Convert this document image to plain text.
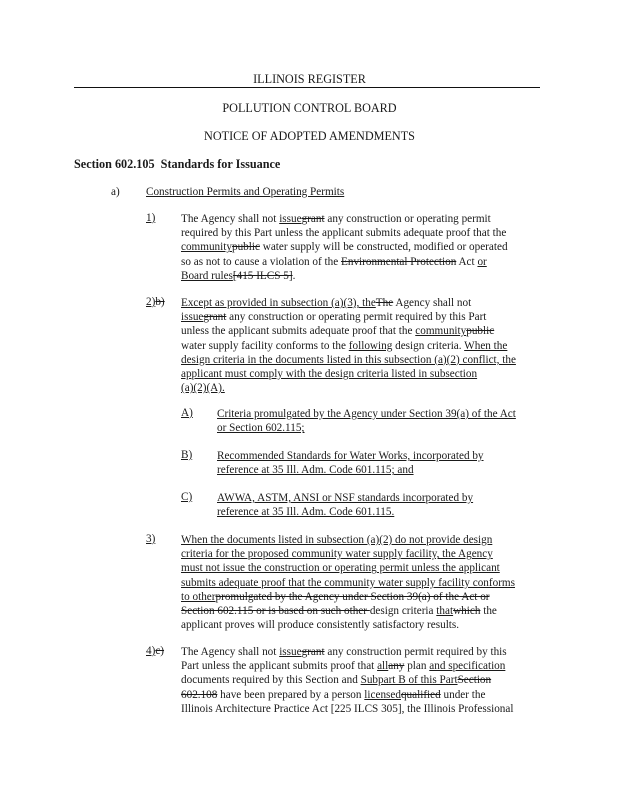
ILLINOIS REGISTER
POLLUTION CONTROL BOARD
NOTICE OF ADOPTED AMENDMENTS
Section 602.105 Standards for Issuance
a) Construction Permits and Operating Permits
1) The Agency shall not issuegrant any construction or operating permit
required by this Part unless the applicant submits adequate proof that the
communitypublic water supply will be constructed, modified or operated
so as not to cause a violation of the Environmental Protection Act or
Board rules[415 ILCS 5].
2)b) Except as provided in subsection (a)(3), theThe Agency shall not
issuegrant any construction or operating permit required by this Part
unless the applicant submits adequate proof that the communitypublic
water supply facility conforms to the following design criteria. When the
design criteria in the documents listed in this subsection (a)(2) conflict, the
applicant must comply with the design criteria listed in subsection
(a)(2)(A).
A) Criteria promulgated by the Agency under Section 39(a) of the Act
or Section 602.115;
B) Recommended Standards for Water Works, incorporated by
reference at 35 Ill. Adm. Code 601.115; and
C) AWWA, ASTM, ANSI or NSF standards incorporated by
reference at 35 Ill. Adm. Code 601.115.
3) When the documents listed in subsection (a)(2) do not provide design
criteria for the proposed community water supply facility, the Agency
must not issue the construction or operating permit unless the applicant
submits adequate proof that the community water supply facility conforms
to otherpromulgated by the Agency under Section 39(a) of the Act or
Section 602.115 or is based on such other design criteria thatwhich the
applicant proves will produce consistently satisfactory results.
4)c) The Agency shall not issuegrant any construction permit required by this
Part unless the applicant submits proof that allany plan and specification
documents required by this Section and Subpart B of this PartSection
602.108 have been prepared by a person licensedqualified under the
Illinois Architecture Practice Act [225 ILCS 305], the Illinois Professional
